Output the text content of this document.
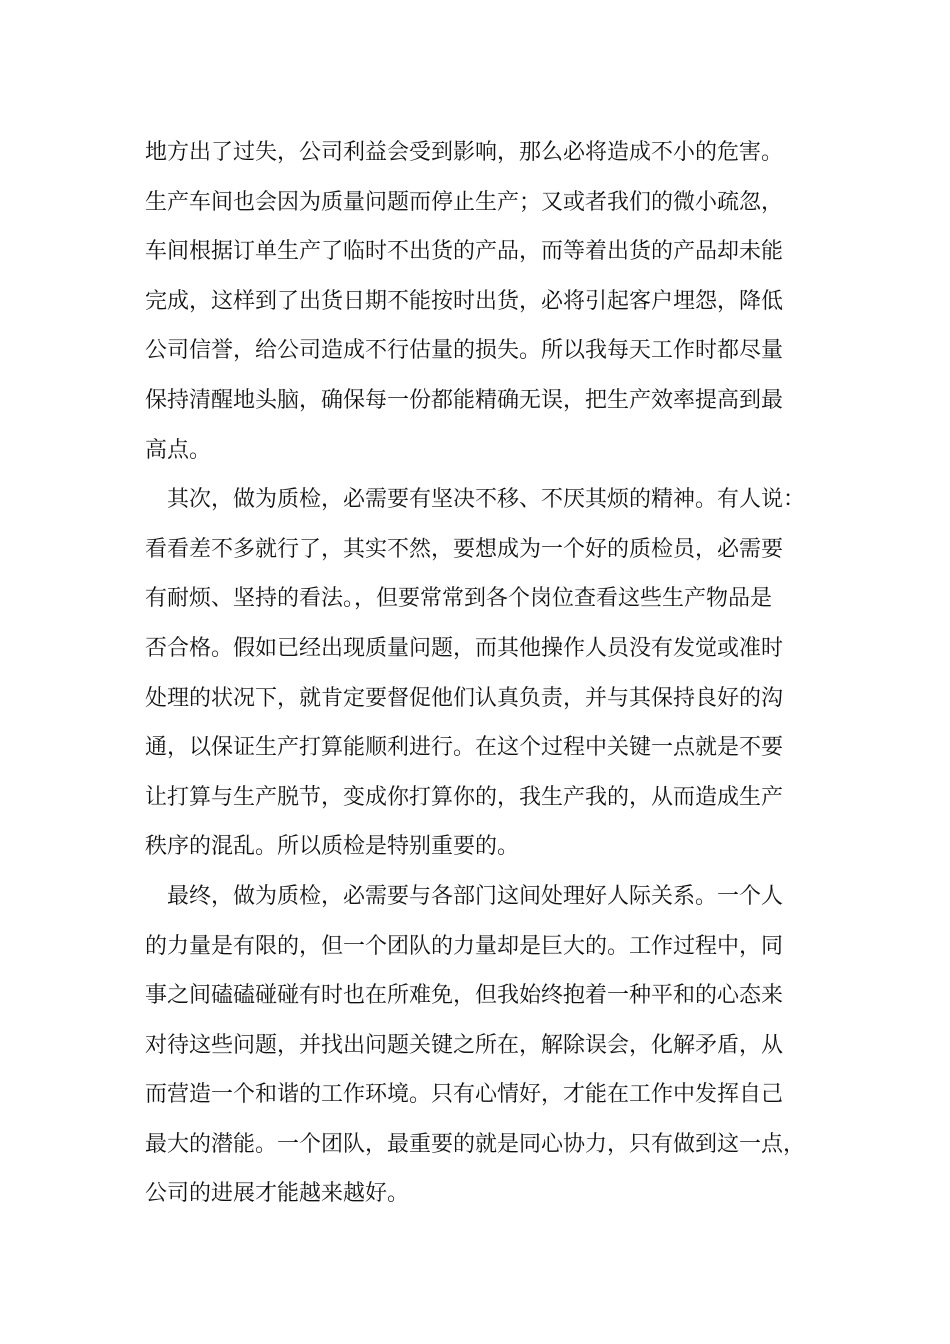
地方出了过失，公司利益会受到影响，那么必将造成不小的危害。
生产车间也会因为质量问题而停止生产；又或者我们的微小疏忽，
车间根据订单生产了临时不出货的产品，而等着出货的产品却未能
完成，这样到了出货日期不能按时出货，必将引起客户埋怨，降低
公司信誉，给公司造成不行估量的损失。所以我每天工作时都尽量
保持清醒地头脑，确保每一份都能精确无误，把生产效率提高到最
高点。
其次，做为质检，必需要有坚决不移、不厌其烦的精神。有人说：
看看差不多就行了，其实不然，要想成为一个好的质检员，必需要
有耐烦、坚持的看法。，但要常常到各个岗位查看这些生产物品是
否合格。假如已经出现质量问题，而其他操作人员没有发觉或准时
处理的状况下，就肯定要督促他们认真负责，并与其保持良好的沟
通，以保证生产打算能顺利进行。在这个过程中关键一点就是不要
让打算与生产脱节，变成你打算你的，我生产我的，从而造成生产
秩序的混乱。所以质检是特别重要的。
最终，做为质检，必需要与各部门这间处理好人际关系。一个人
的力量是有限的，但一个团队的力量却是巨大的。工作过程中，同
事之间磕磕碰碰有时也在所难免，但我始终抱着一种平和的心态来
对待这些问题，并找出问题关键之所在，解除误会，化解矛盾，从
而营造一个和谐的工作环境。只有心情好，才能在工作中发挥自己
最大的潜能。一个团队，最重要的就是同心协力，只有做到这一点，
公司的进展才能越来越好。
